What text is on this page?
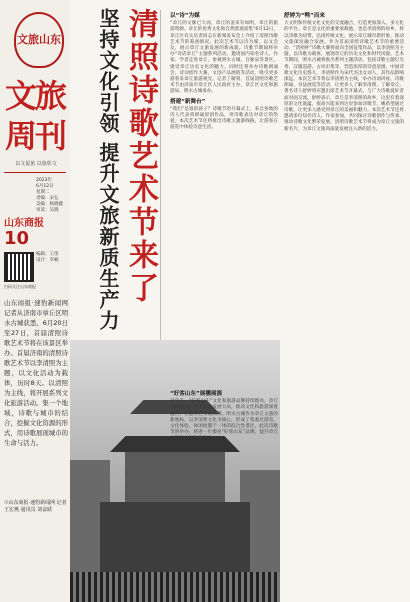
文旅山东
文旅周刊
以文促旅 以旅彰文
2023年
6月12日
星期二
责编：宋弘
美编：杨晓健
审读：吴晓
山东商报
10
扫码关注山东商报
编辑：王笛
设计：李楠
山东商报·速豹新闻网记者从济南市章丘区明水古城获悉，6月20日至27日，首届清照诗歌艺术节将在该景区举办。首届济南的清照诗歌艺术节以李清照为主题，以文化活动为载体，历时8天。以清照为主线，将开展系列文化旅游活动。集一个地域，诗歌与城市的结合，挖掘文化资源的形式，用诗歌展现城市的生命与活力。
☉山东商报·速豹新闻网 记者 王宏燕 通讯员 刘奋跃
坚持文化引领 提升文旅新质生产力 清照诗歌艺术节来了	以“诗”为媒

“章丘的文脉已久而，章丘的姜来有如明，章丘的旅游资源。章丘的优秀文化和自然景观富集”6月12日，章丘区有关负责同志在新闻发布会上介绍了清照诗歌艺术节的筹备情况。此次艺术节以诗为媒，以文会友，展示章丘文旅发展的新成就。诗歌节期间将举办“诗话章丘”主题系列活动，邀请国内知名诗人、作家、学者走进章丘，参观明水古城、百脉泉等景区，感受章丘历史文化的魅力。同时还将举办诗歌朗诵会、诗词创作大赛、文创产品展销等活动，吸引更多游客来章丘旅游观光。记者了解到，首届清照诗歌艺术节由济南市章丘区人民政府主办，章丘区文化和旅游局、明水古城承办。

搭建“新舞台”

“我们”是谁的孩子？诗歌节的开幕式上，来自各地的诗人代表将朗诵原创作品，用诗歌表达对章丘的热爱。本次艺术节还将推出诗歌主题游线路，让游客在游览中体验诗意生活。

舒婷为“鸭”而来

大文明和传统文化文化的交流融合，打造更加深入、多元化的平台。章丘是文化的重要承载地，也是李清照的故乡，将以诗歌为纽带，弘扬传统文化，展示章丘城市新形象，推动文旅深度融合发展。作为首届清照诗歌艺术节的重要活动，“清照杯”诗歌大赛将面向全国征集作品，以李清照为主题，以诗歌为载体，展现章丘的历史文化和时代风貌。艺术节期间，明水古城将推出系列主题活动，包括诗歌主题灯光秀、汉服巡游、古风市集等，营造浓厚的诗意氛围。中国诗歌文化历史悠久，李清照作为宋代杰出女词人，其作品影响深远。本次艺术节将以李清照为主线，举办诗词讲座、诗歌朗诵、书法展览等活动，让更多人了解李清照、了解章丘。著名诗人舒婷将应邀出席艺术节开幕式，与广大诗歌爱好者面对面交流。舒婷表示，章丘是李清照的故乡，这里有着深厚的文化底蕴，很高兴能来到这里参加诗歌节。她希望通过诗歌，让更多人感受到章丘的美丽和魅力。本次艺术节还将邀请多位知名诗人、作家参加，共同探讨诗歌创作与传承，推动诗歌文化繁荣发展。清照诗歌艺术节将成为章丘文旅的新名片，为章丘文旅高质量发展注入新的活力。

“好客山东”展播展演

近年来，“好客山东”文化和旅游品牌持续擦亮，章丘区积极融入全省文旅发展大局，推动文化和旅游深度融合，打造特色文旅品牌。明水古城作为章丘文旅的新地标，以李清照文化为核心，形成了集观光游览、文化体验、休闲度假于一体的综合性景区。此次诗歌节的举办，将进一步擦亮“好客山东”品牌，提升章丘文旅知名度和美誉度。
